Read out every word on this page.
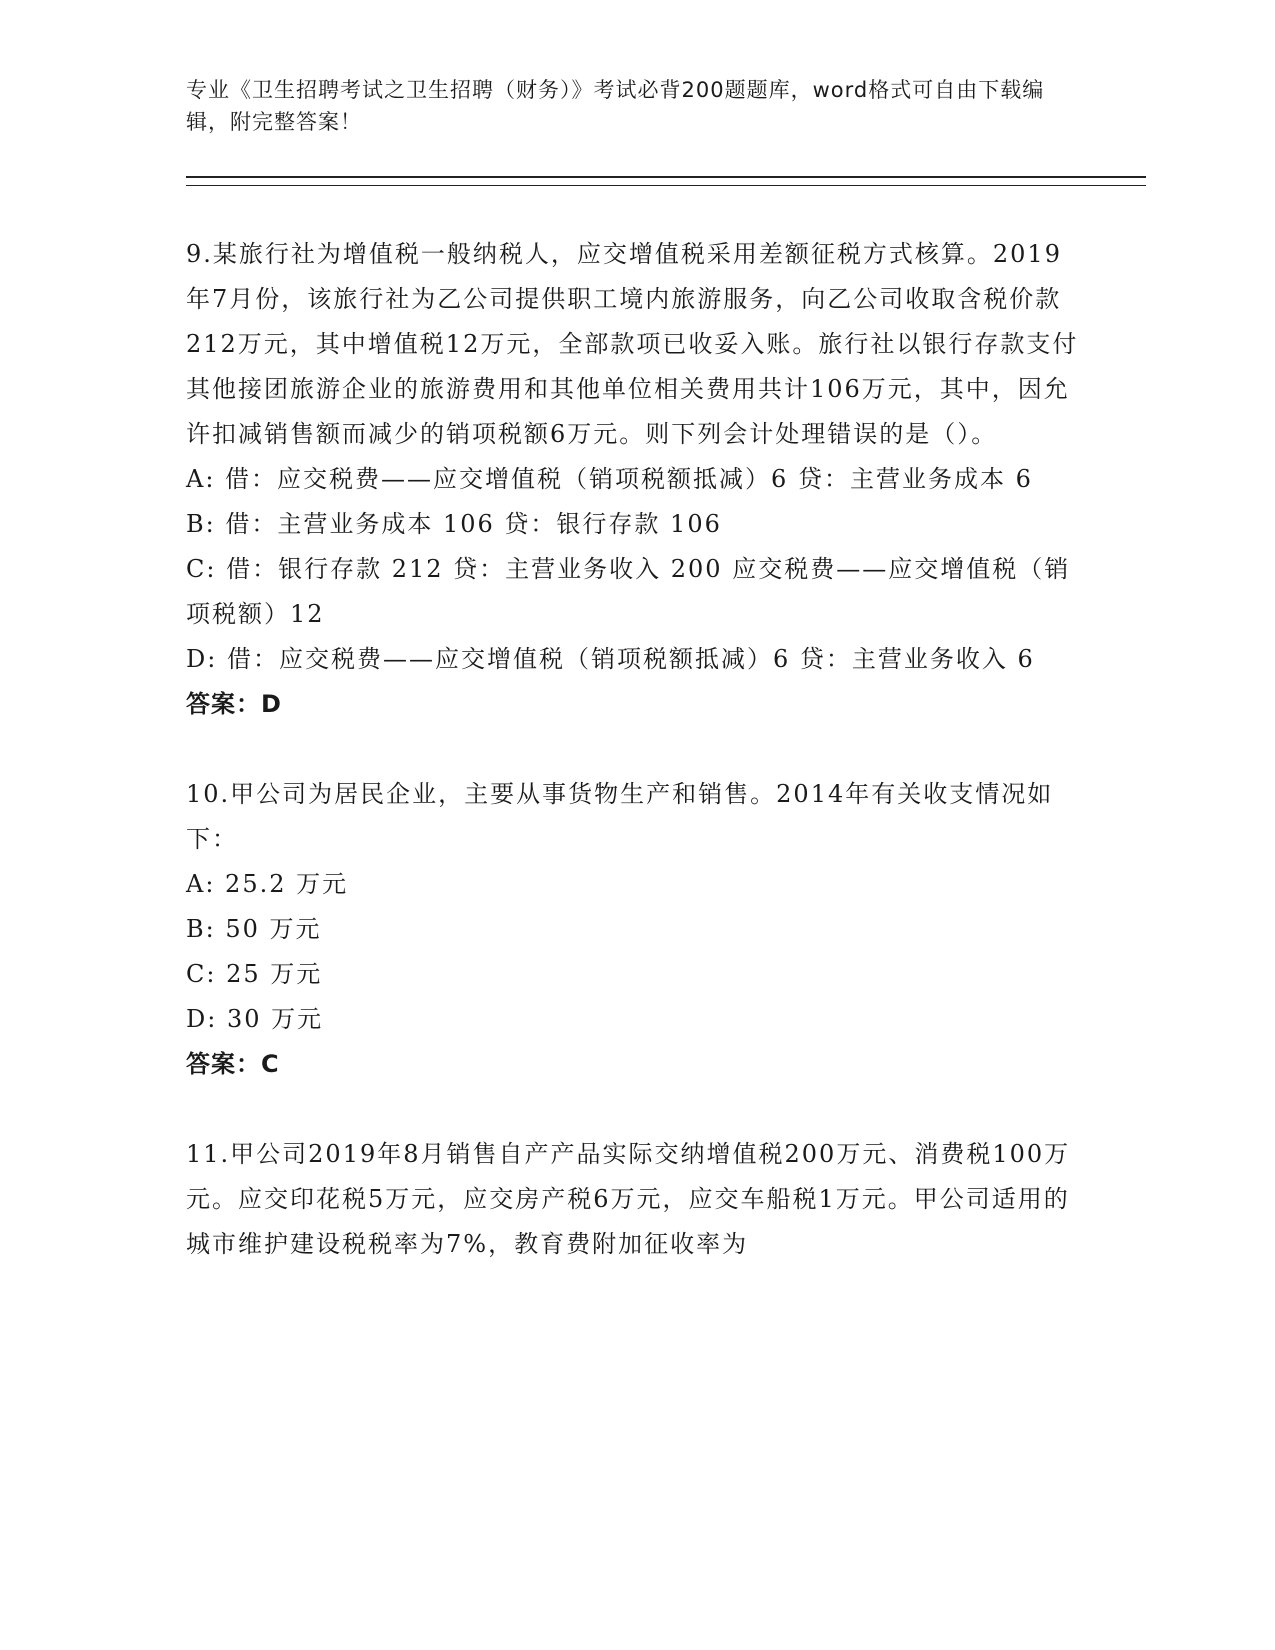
专业《卫生招聘考试之卫生招聘（财务）》考试必背200题题库，word格式可自由下载编辑，附完整答案！
9.某旅行社为增值税一般纳税人，应交增值税采用差额征税方式核算。2019年7月份，该旅行社为乙公司提供职工境内旅游服务，向乙公司收取含税价款212万元，其中增值税12万元，全部款项已收妥入账。旅行社以银行存款支付其他接团旅游企业的旅游费用和其他单位相关费用共计106万元，其中，因允许扣减销售额而减少的销项税额6万元。则下列会计处理错误的是（）。
A: 借：应交税费——应交增值税（销项税额抵减）6 贷：主营业务成本 6
B: 借：主营业务成本 106 贷：银行存款 106
C: 借：银行存款 212 贷：主营业务收入 200 应交税费——应交增值税（销项税额）12
D: 借：应交税费——应交增值税（销项税额抵减）6 贷：主营业务收入 6
答案：D
10.甲公司为居民企业，主要从事货物生产和销售。2014年有关收支情况如下：
A: 25.2 万元
B: 50 万元
C: 25 万元
D: 30 万元
答案：C
11.甲公司2019年8月销售自产产品实际交纳增值税200万元、消费税100万元。应交印花税5万元，应交房产税6万元，应交车船税1万元。甲公司适用的城市维护建设税税率为7%，教育费附加征收率为
